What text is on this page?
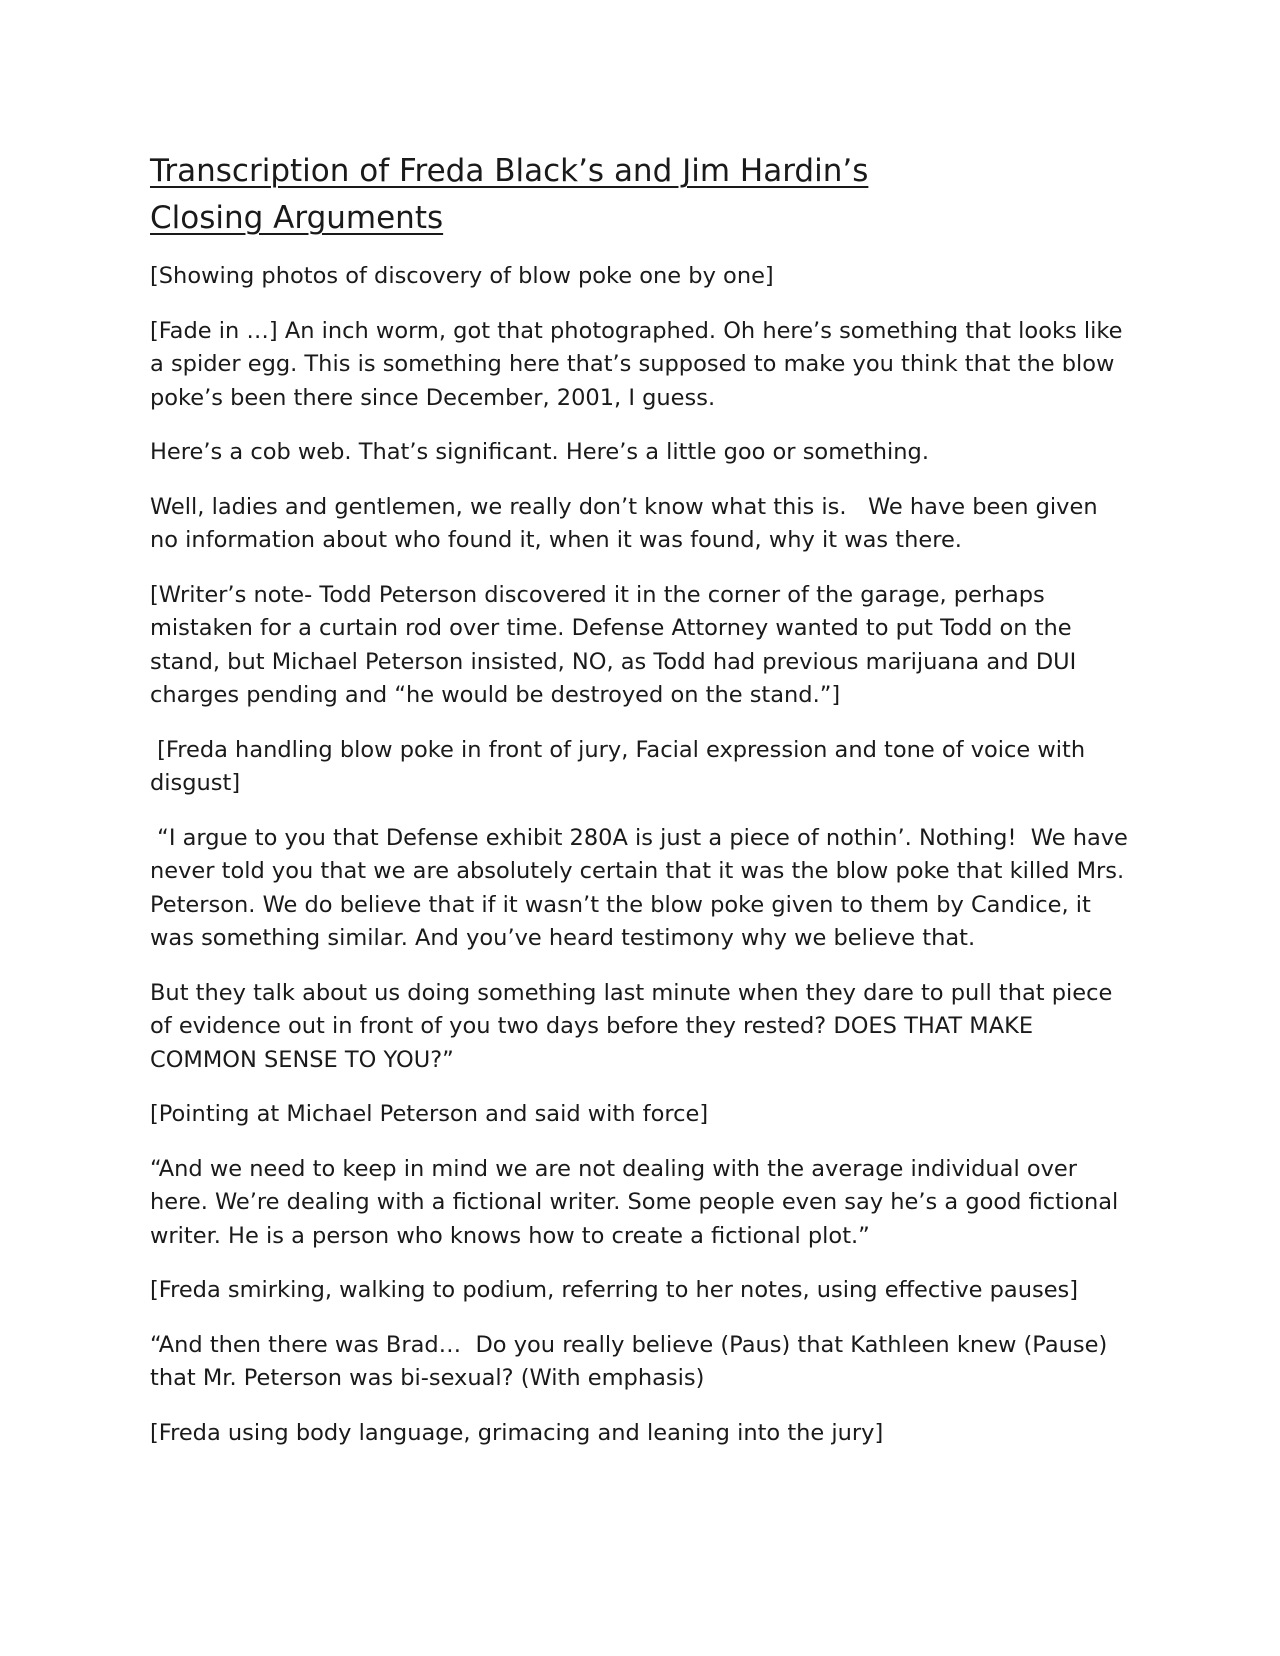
Transcription of Freda Black’s and Jim Hardin’s Closing Arguments

[Showing photos of discovery of blow poke one by one]

[Fade in …] An inch worm, got that photographed. Oh here’s something that looks like a spider egg. This is something here that’s supposed to make you think that the blow poke’s been there since December, 2001, I guess.

Here’s a cob web. That’s significant. Here’s a little goo or something.

Well, ladies and gentlemen, we really don’t know what this is.   We have been given no information about who found it, when it was found, why it was there.

[Writer’s note- Todd Peterson discovered it in the corner of the garage, perhaps mistaken for a curtain rod over time. Defense Attorney wanted to put Todd on the stand, but Michael Peterson insisted, NO, as Todd had previous marijuana and DUI charges pending and “he would be destroyed on the stand.”]

[Freda handling blow poke in front of jury, Facial expression and tone of voice with disgust]

“I argue to you that Defense exhibit 280A is just a piece of nothin’. Nothing!  We have never told you that we are absolutely certain that it was the blow poke that killed Mrs. Peterson. We do believe that if it wasn’t the blow poke given to them by Candice, it was something similar. And you’ve heard testimony why we believe that.

But they talk about us doing something last minute when they dare to pull that piece of evidence out in front of you two days before they rested? DOES THAT MAKE COMMON SENSE TO YOU?”

[Pointing at Michael Peterson and said with force]

“And we need to keep in mind we are not dealing with the average individual over here. We’re dealing with a fictional writer. Some people even say he’s a good fictional writer. He is a person who knows how to create a fictional plot.”

[Freda smirking, walking to podium, referring to her notes, using effective pauses]

“And then there was Brad…  Do you really believe (Paus) that Kathleen knew (Pause) that Mr. Peterson was bi-sexual? (With emphasis)

[Freda using body language, grimacing and leaning into the jury]
